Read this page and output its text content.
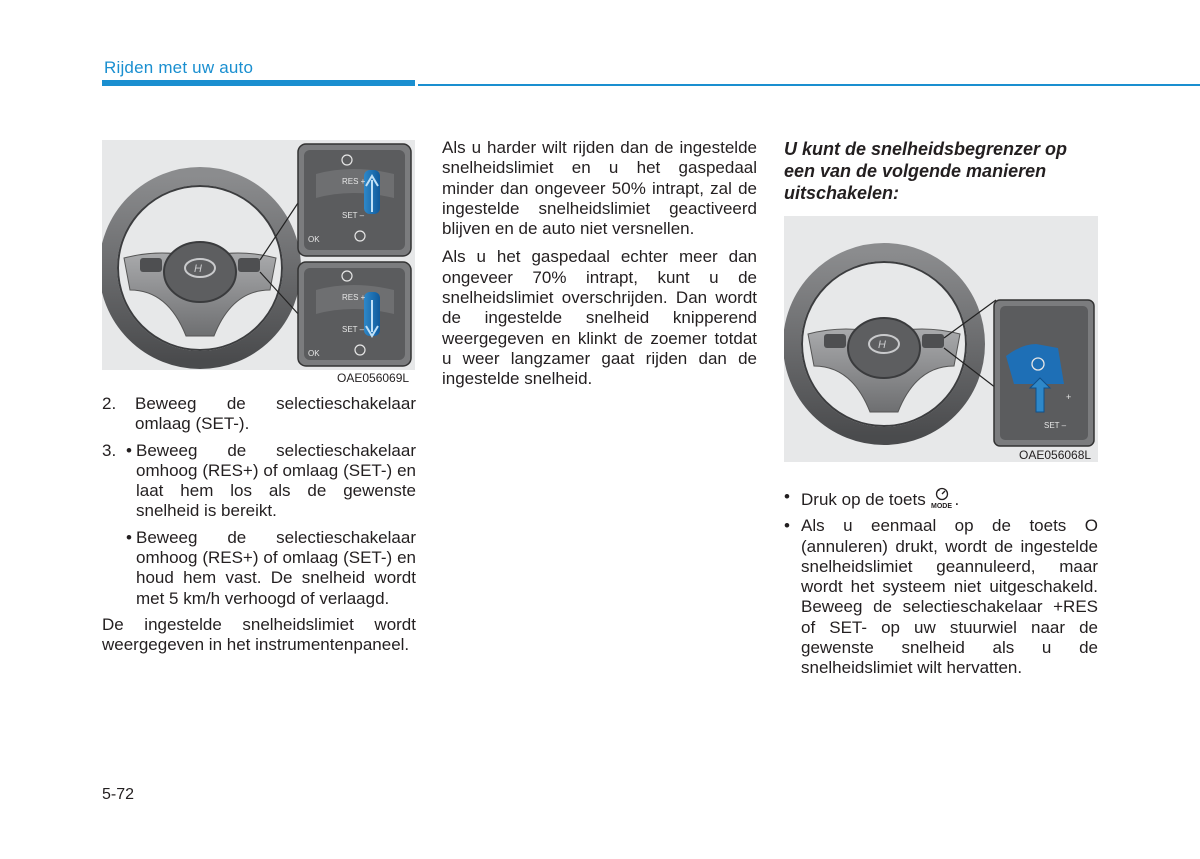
Rijden met uw auto
H
RES +
SET –
OK
RES +
SET –
OK
OAE056069L
2. Beweeg de selectieschakelaar omlaag (SET-).
3. • Beweeg de selectieschakelaar omhoog (RES+) of omlaag (SET-) en laat hem los als de gewenste snelheid is bereikt.
• Beweeg de selectieschakelaar omhoog (RES+) of omlaag (SET-) en houd hem vast. De snelheid wordt met 5 km/h verhoogd of verlaagd.

De ingestelde snelheidslimiet wordt weergegeven in het instrumentenpaneel.

Als u harder wilt rijden dan de ingestelde snelheidslimiet en u het gaspedaal minder dan ongeveer 50% intrapt, zal de ingestelde snelheidslimiet geactiveerd blijven en de auto niet versnellen.

Als u het gaspedaal echter meer dan ongeveer 70% intrapt, kunt u de snelheidslimiet overschrijden. Dan wordt de ingestelde snelheid knipperend weergegeven en klinkt de zoemer totdat u weer langzamer gaat rijden dan de ingestelde snelheid.

U kunt de snelheidsbegrenzer op een van de volgende manieren uitschakelen:

H
SET –
+
OAE056068L
• Druk op de toets MODE .
• Als u eenmaal op de toets O (annuleren) drukt, wordt de ingestelde snelheidslimiet geannuleerd, maar wordt het systeem niet uitgeschakeld. Beweeg de selectieschakelaar +RES of SET- op uw stuurwiel naar de gewenste snelheid als u de snelheidslimiet wilt hervatten.
5-72
